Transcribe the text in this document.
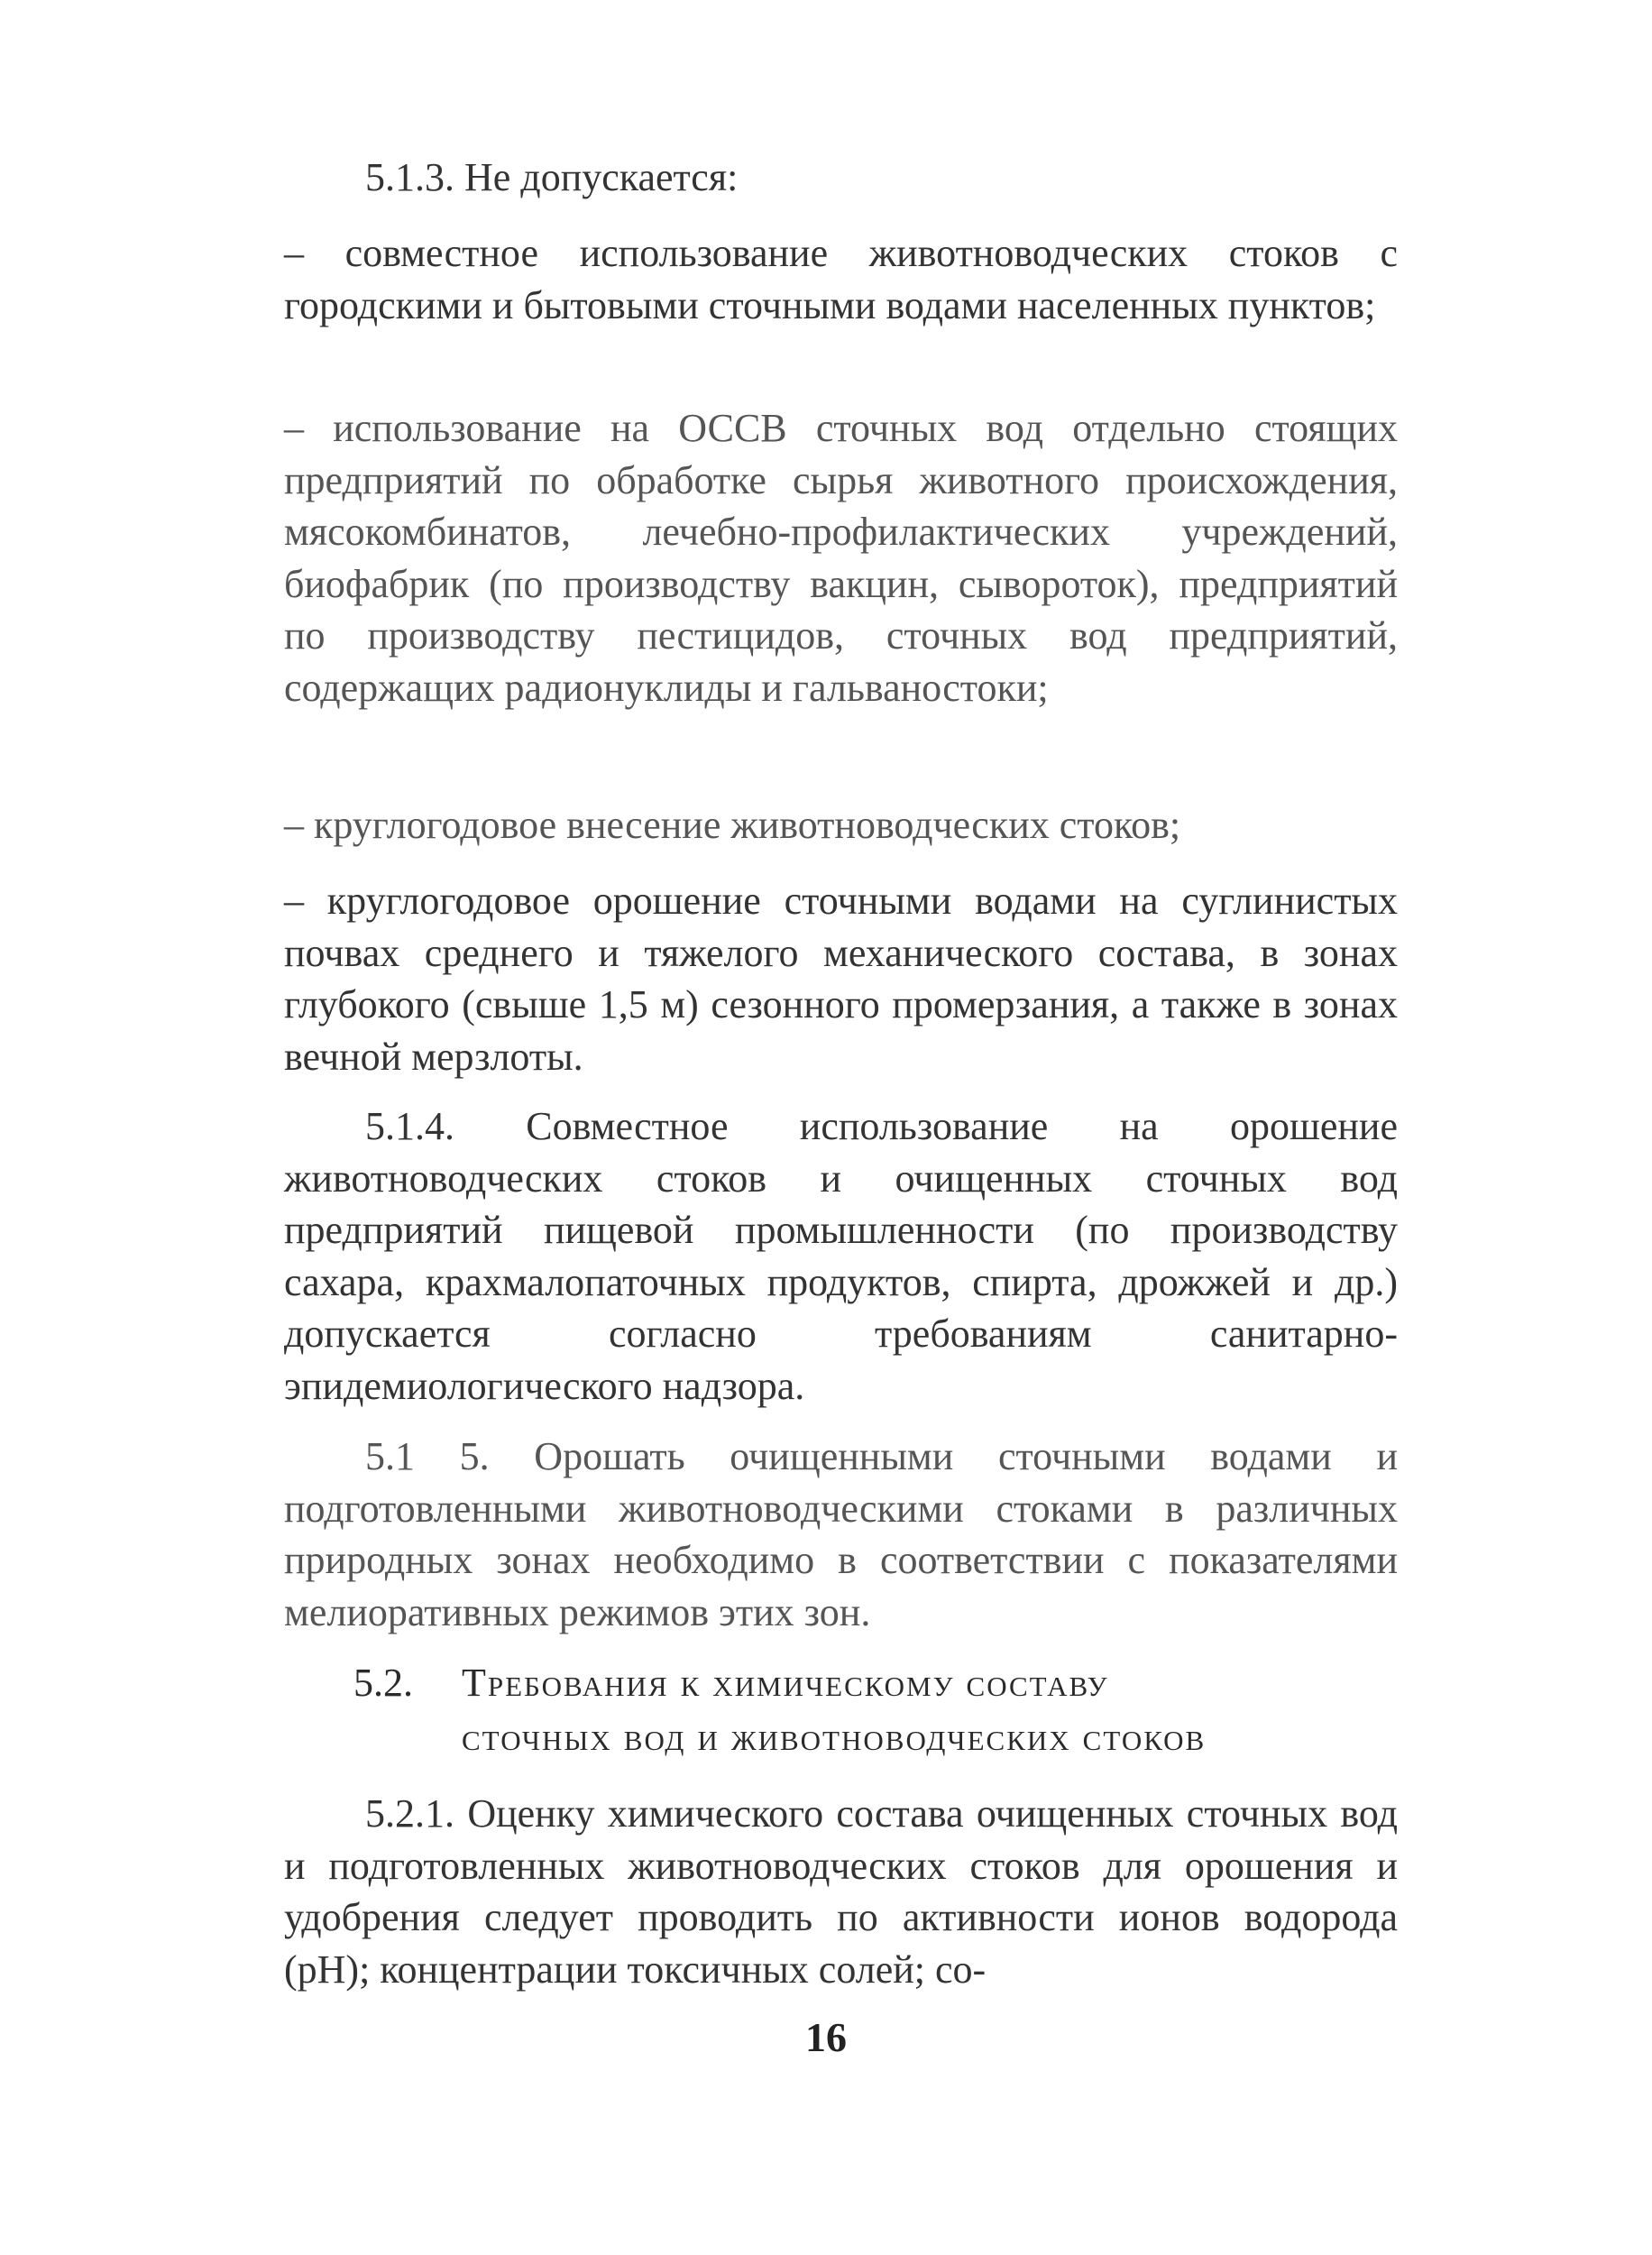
5.1.3. Не допускается:

– совместное использование животноводческих стоков с городскими и бытовыми сточными водами населенных пунктов;

– использование на ОССВ сточных вод отдельно стоящих предприятий по обработке сырья животного происхождения, мясокомбинатов, лечебно-профилактических учреждений, биофабрик (по производству вакцин, сывороток), предприятий по производству пестицидов, сточных вод предприятий, содержащих радионуклиды и гальваностоки;

– круглогодовое внесение животноводческих стоков;

– круглогодовое орошение сточными водами на суглинистых почвах среднего и тяжелого механического состава, в зонах глубокого (свыше 1,5 м) сезонного промерзания, а также в зонах вечной мерзлоты.

5.1.4. Совместное использование на орошение животноводческих стоков и очищенных сточных вод предприятий пищевой промышленности (по производству сахара, крахмалопаточных продуктов, спирта, дрожжей и др.) допускается согласно требованиям санитарно-эпидемиологического надзора.

5.1 5. Орошать очищенными сточными водами и подготовленными животноводческими стоками в различных природных зонах необходимо в соответствии с показателями мелиоративных режимов этих зон.

5.2.	Требования к химическому составу
сточных вод и животноводческих стоков

5.2.1. Оценку химического состава очищенных сточных вод и подготовленных животноводческих стоков для орошения и удобрения следует проводить по активности ионов водорода (pH); концентрации токсичных солей; со-

16
